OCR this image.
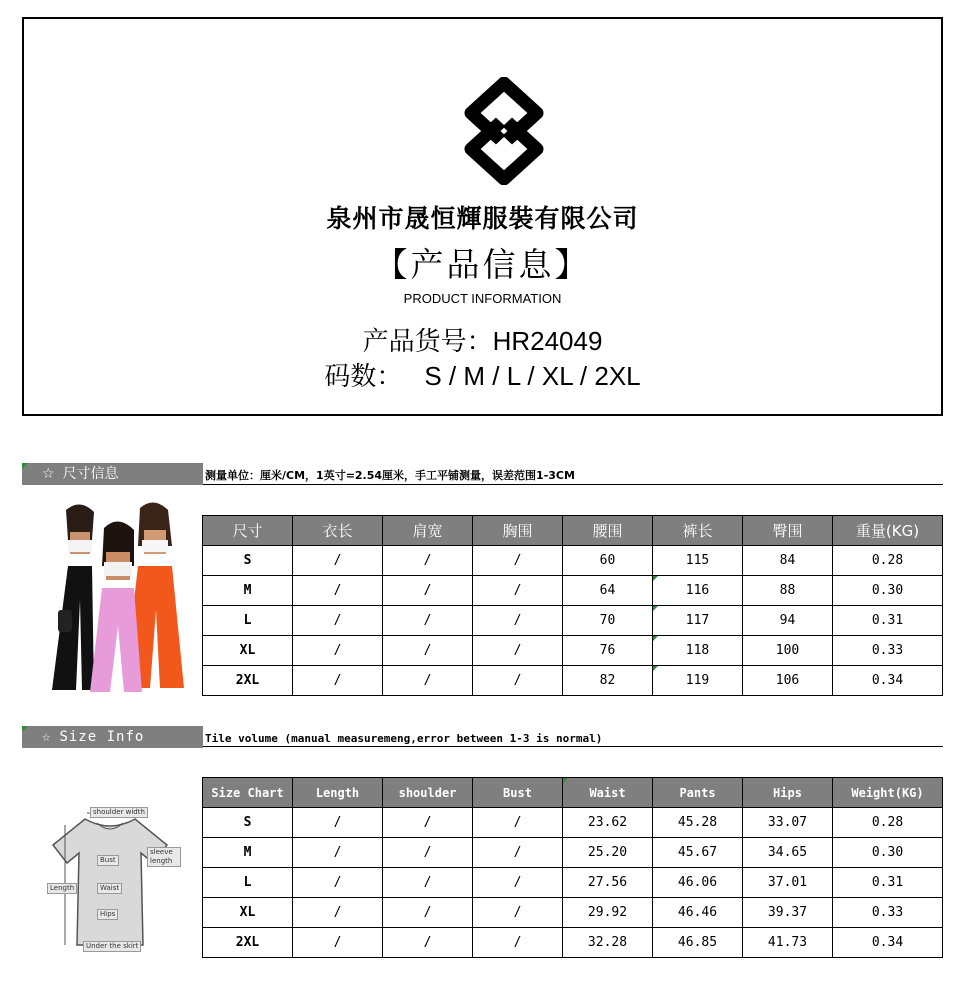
泉州市晟恒輝服裝有限公司
【产品信息】
PRODUCT INFORMATION
产品货号：HR24049
码数： S / M / L / XL / 2XL
☆ 尺寸信息	测量单位：厘米/CM，1英寸=2.54厘米，手工平铺测量，误差范围1-3CM
尺寸	衣长	肩宽	胸围	腰围	裤长	臀围	重量(KG)
S	/	/	/	60	115	84	0.28
M	/	/	/	64	116	88	0.30
L	/	/	/	70	117	94	0.31
XL	/	/	/	76	118	100	0.33
2XL	/	/	/	82	119	106	0.34
☆ Size Info	Tile volume (manual measuremeng,error between 1-3 is normal)
shoulder width
sleeve length
Bust
Waist
Hips
Length
Under the skirt
Size Chart	Length	shoulder	Bust	Waist	Pants	Hips	Weight(KG)
S	/	/	/	23.62	45.28	33.07	0.28
M	/	/	/	25.20	45.67	34.65	0.30
L	/	/	/	27.56	46.06	37.01	0.31
XL	/	/	/	29.92	46.46	39.37	0.33
2XL	/	/	/	32.28	46.85	41.73	0.34
